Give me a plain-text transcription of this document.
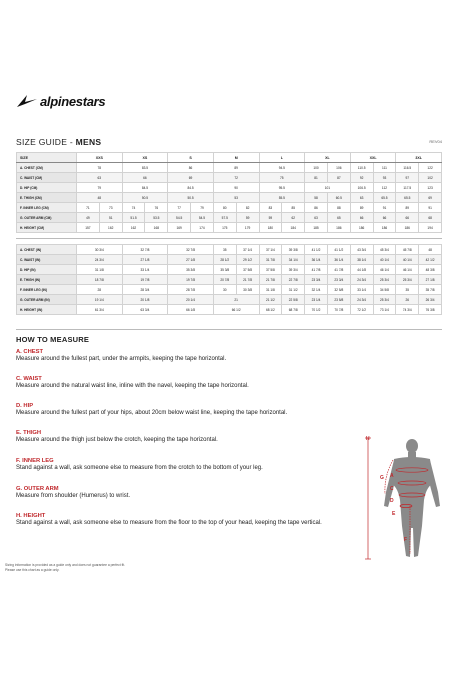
alpinestars
SIZE GUIDE - MENS	REV04
SIZE	XXS		XS		S		M		L		XL		XXL		3XL	
A. CHEST (CM)	78		83.5		86		89		94.5		100	106	110.5	111	116.5	122
C. WAIST (CM)	63		66		69		72		75		81	87	92	93	97	102
D. HIP (CM)	79		84.5		84.5		90		95.5		101		106.5	112	117.5	123
E. THIGH (CM)	48		50.5		50.5		53		55.5		58	60.5	63	65.5	65.5	69
F. INNER LEG (CM)	71	73	74	76	77	79	80	82	83	85	86	88	89	91	89	91
G. OUTER ARM (CM)	49	51	51.5	53.5	54.5	54.5	57.5	59	59	62	63	65	66	66	66	68
H. HEIGHT (CM)	157	162	162	168	169	174	175	179	180	184	185	186	186	186	186	194
A. CHEST (IN)	30 3/4	32 7/8	32 7/8	35	37 1/4	37 1/4	39 3/8	41 1/2	41 1/2	43 3/4	45 3/4	45 7/8	48
C. WAIST (IN)	24 3/4	27 1/8	27 1/8	28 1/2	29 1/2	31 7/8	34 1/4	36 1/4	36 1/4	38 1/4	40 1/4	40 1/4	42 1/2
D. HIP (IN)	31 1/8	33 1/4	35 3/8	35 3/8	37 5/8	37 5/8	39 3/4	41 7/8	41 7/8	44 1/8	46 1/4	46 1/4	48 3/8
E. THIGH (IN)	18 7/8	19 7/8	19 7/8	20 7/8	21 7/8	21 7/8	22 7/8	23 3/4	23 3/4	24 3/4	25 3/4	25 3/4	27 1/8
F. INNER LEG (IN)	28	28 3/4	28 7/8	30	30 3/8	31 1/8	31 1/2	32 1/4	32 5/8	33 1/4	34 5/8	35	35 7/8
G. OUTER ARM (IN)	19 1/4	20 1/8	20 1/4	21		21 1/2	22 5/8	23 1/4	23 5/8	24 3/4	25 3/4	26	26 3/4
H. HEIGHT (IN)	61 3/4	63 3/4	66 1/8	66 1/2		68 1/2	68 7/8	70 1/2	70 7/8	72 1/2	73 1/4	74 3/4	76 3/8
HOW TO MEASURE
A. CHEST
Measure around the fullest part, under the armpits, keeping the tape horizontal.
C. WAIST
Measure around the natural waist line, inline with the navel, keeping the tape horizontal.
D. HIP
Measure around the fullest part of your hips, about 20cm below waist line, keeping the tape horizontal.
E. THIGH
Measure around the thigh just below the crotch, keeping the tape horizontal.
F. INNER LEG
Stand against a wall, ask someone else to measure from the crotch to the bottom of your leg.
G. OUTER ARM
Measure from shoulder (Humerus) to wrist.
H. HEIGHT
Stand against a wall, ask someone else to measure from the floor to the top of your head, keeping the tape vertical.
H
G A
C
D
E
F
Sizing information is provided as a guide only and does not guarantee a perfect fit.
Please use this chart as a guide only.
